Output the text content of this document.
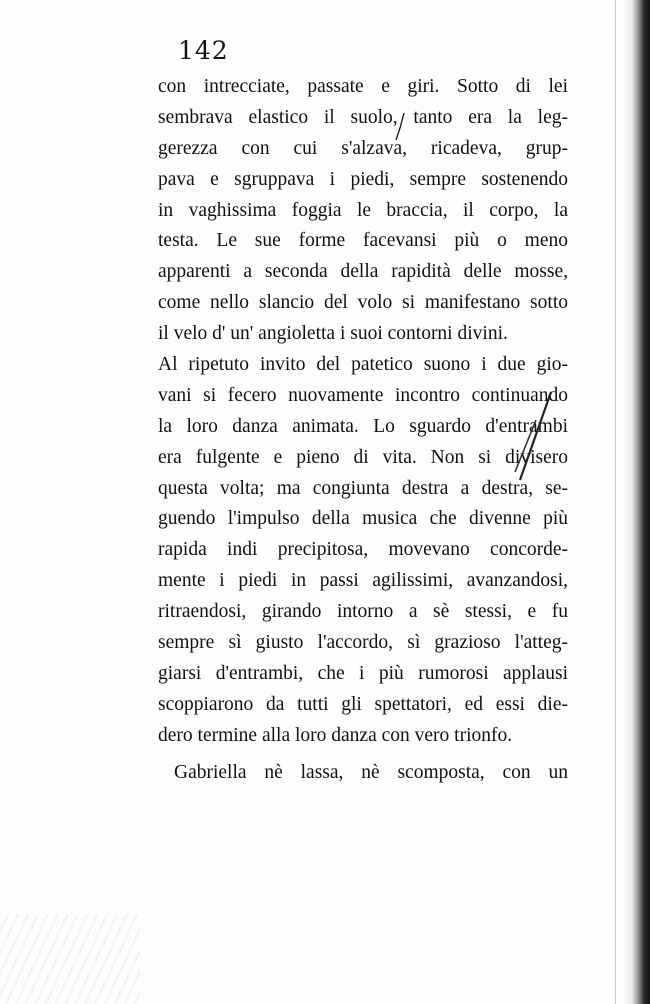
142
con intrecciate, passate e giri. Sotto di lei
sembrava elastico il suolo, tanto era la leg-
gerezza con cui s'alzava, ricadeva, grup-
pava e sgruppava i piedi, sempre sostenendo
in vaghissima foggia le braccia, il corpo, la
testa. Le sue forme facevansi più o meno
apparenti a seconda della rapidità delle mosse,
come nello slancio del volo si manifestano sotto
il velo d' un' angioletta i suoi contorni divini.
Al ripetuto invito del patetico suono i due gio-
vani si fecero nuovamente incontro continuando
la loro danza animata. Lo sguardo d'entrambi
era fulgente e pieno di vita. Non si divisero
questa volta; ma congiunta destra a destra, se-
guendo l'impulso della musica che divenne più
rapida indi precipitosa, movevano concorde-
mente i piedi in passi agilissimi, avanzandosi,
ritraendosi, girando intorno a sè stessi, e fu
sempre sì giusto l'accordo, sì grazioso l'atteg-
giarsi d'entrambi, che i più rumorosi applausi
scoppiarono da tutti gli spettatori, ed essi die-
dero termine alla loro danza con vero trionfo.
Gabriella nè lassa, nè scomposta, con un
